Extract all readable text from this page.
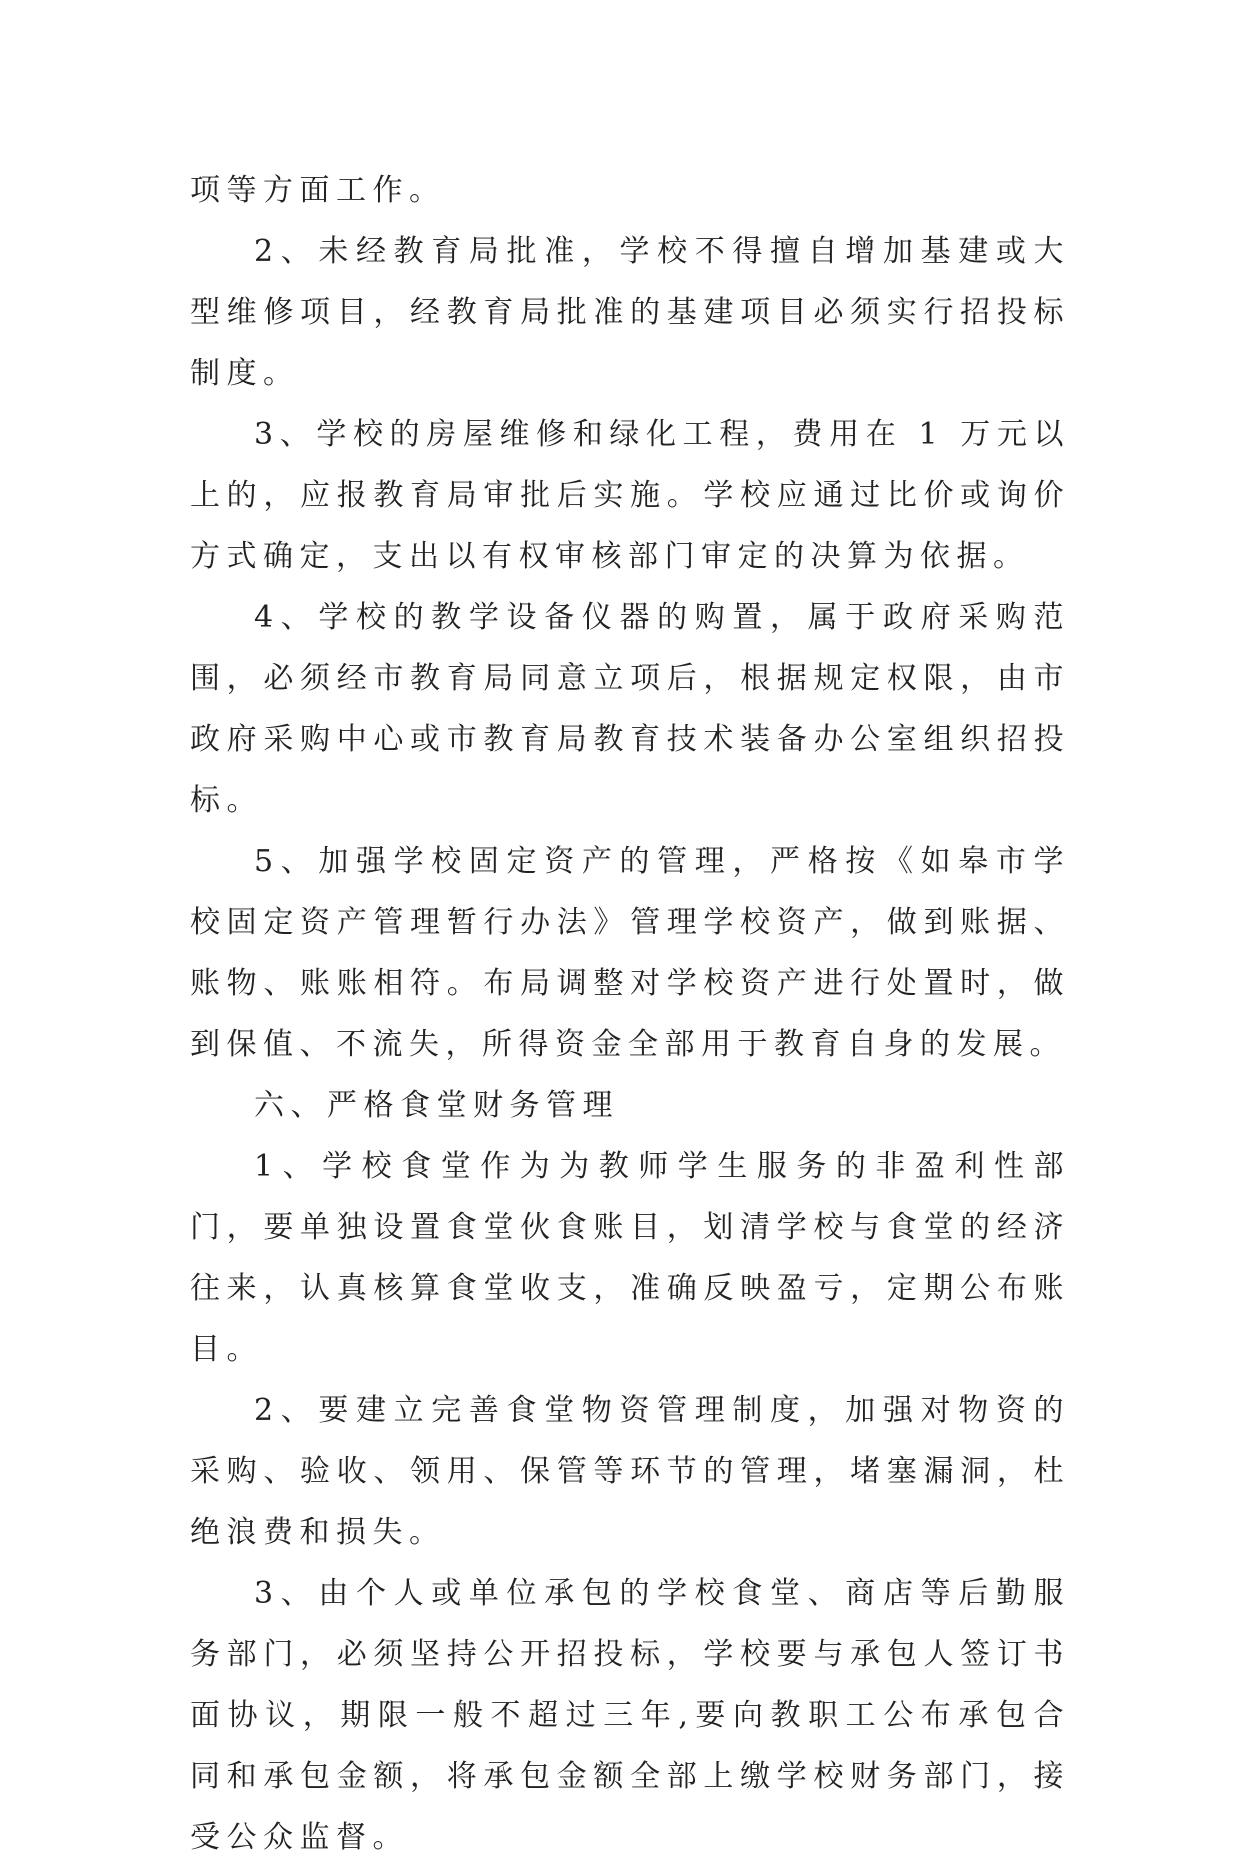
项等方面工作。

2、未经教育局批准，学校不得擅自增加基建或大型维修项目，经教育局批准的基建项目必须实行招投标制度。

3、学校的房屋维修和绿化工程，费用在 1 万元以上的，应报教育局审批后实施。学校应通过比价或询价方式确定，支出以有权审核部门审定的决算为依据。

4、学校的教学设备仪器的购置，属于政府采购范围，必须经市教育局同意立项后，根据规定权限，由市政府采购中心或市教育局教育技术装备办公室组织招投标。

5、加强学校固定资产的管理，严格按《如皋市学校固定资产管理暂行办法》管理学校资产，做到账据、账物、账账相符。布局调整对学校资产进行处置时，做到保值、不流失，所得资金全部用于教育自身的发展。

六、严格食堂财务管理

1、学校食堂作为为教师学生服务的非盈利性部门，要单独设置食堂伙食账目，划清学校与食堂的经济往来，认真核算食堂收支，准确反映盈亏，定期公布账目。

2、要建立完善食堂物资管理制度，加强对物资的采购、验收、领用、保管等环节的管理，堵塞漏洞，杜绝浪费和损失。

3、由个人或单位承包的学校食堂、商店等后勤服务部门，必须坚持公开招投标，学校要与承包人签订书面协议，期限一般不超过三年,要向教职工公布承包合同和承包金额，将承包金额全部上缴学校财务部门，接受公众监督。
